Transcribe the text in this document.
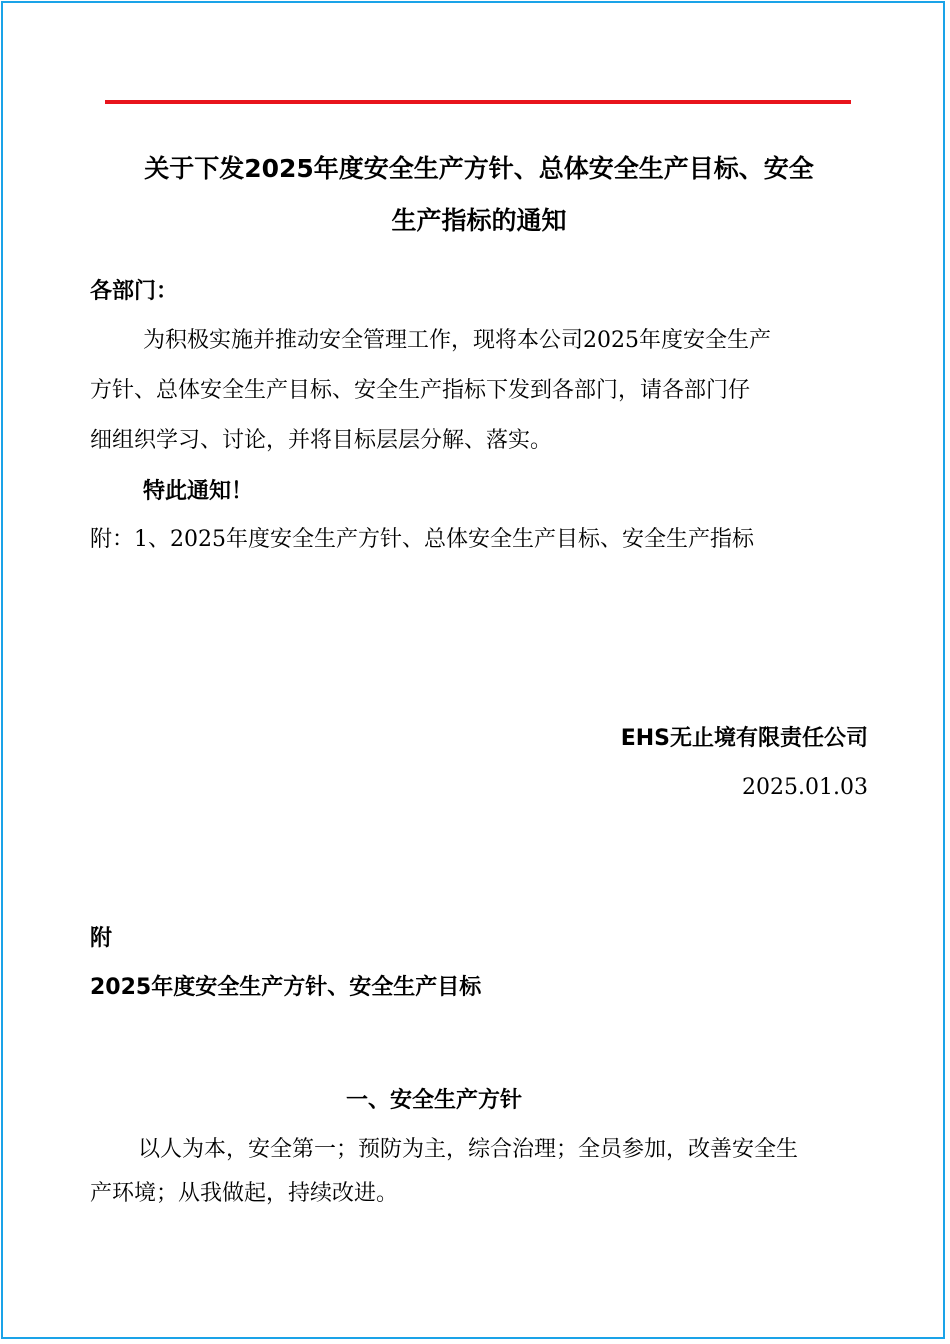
关于下发2025年度安全生产方针、总体安全生产目标、安全
生产指标的通知

各部门：

为积极实施并推动安全管理工作，现将本公司2025年度安全生产

方针、总体安全生产目标、安全生产指标下发到各部门，请各部门仔

细组织学习、讨论，并将目标层层分解、落实。

特此通知！

附：1、2025年度安全生产方针、总体安全生产目标、安全生产指标

EHS无止境有限责任公司

2025.01.03

附

2025年度安全生产方针、安全生产目标

一、安全生产方针

以人为本，安全第一；预防为主，综合治理；全员参加，改善安全生
产环境；从我做起，持续改进。
